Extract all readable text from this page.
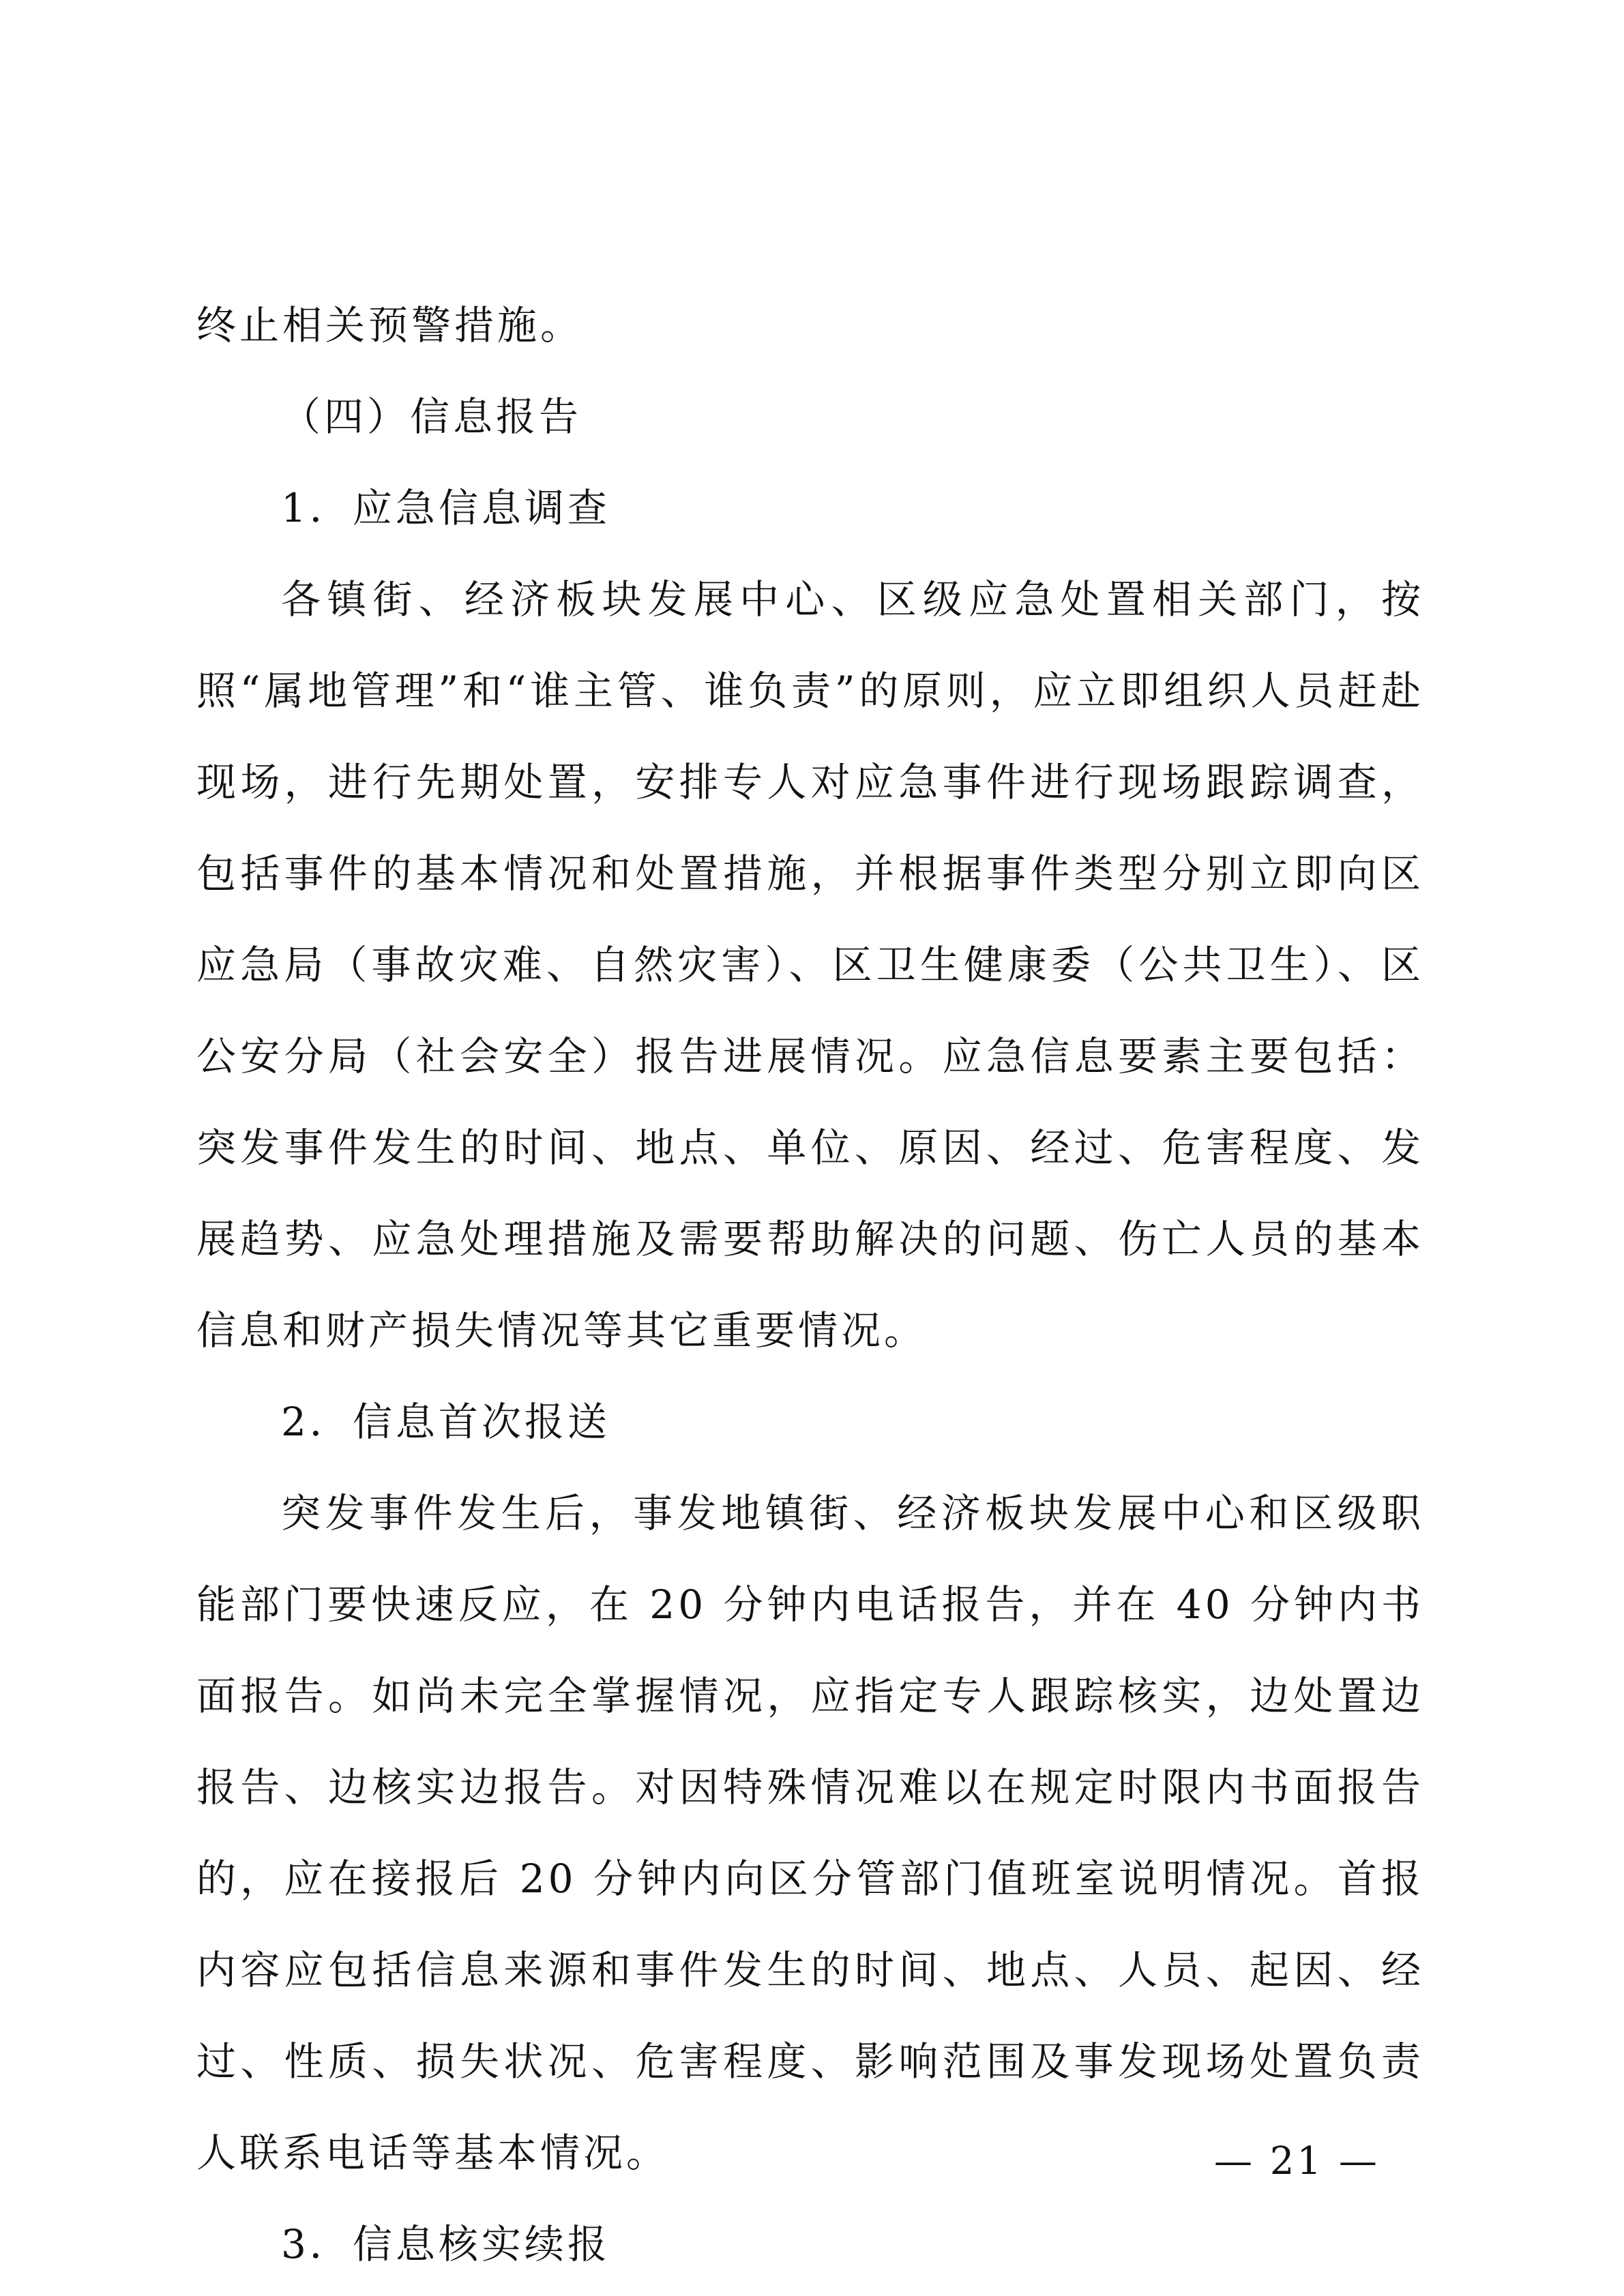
终止相关预警措施。

（四）信息报告

1．应急信息调查

各镇街、经济板块发展中心、区级应急处置相关部门，按照“属地管理”和“谁主管、谁负责”的原则，应立即组织人员赶赴现场，进行先期处置，安排专人对应急事件进行现场跟踪调查，包括事件的基本情况和处置措施，并根据事件类型分别立即向区应急局（事故灾难、自然灾害）、区卫生健康委（公共卫生）、区公安分局（社会安全）报告进展情况。应急信息要素主要包括：突发事件发生的时间、地点、单位、原因、经过、危害程度、发展趋势、应急处理措施及需要帮助解决的问题、伤亡人员的基本信息和财产损失情况等其它重要情况。

2．信息首次报送

突发事件发生后，事发地镇街、经济板块发展中心和区级职能部门要快速反应，在 20 分钟内电话报告，并在 40 分钟内书面报告。如尚未完全掌握情况，应指定专人跟踪核实，边处置边报告、边核实边报告。对因特殊情况难以在规定时限内书面报告的，应在接报后 20 分钟内向区分管部门值班室说明情况。首报内容应包括信息来源和事件发生的时间、地点、人员、起因、经过、性质、损失状况、危害程度、影响范围及事发现场处置负责人联系电话等基本情况。

3．信息核实续报

— 21 —
